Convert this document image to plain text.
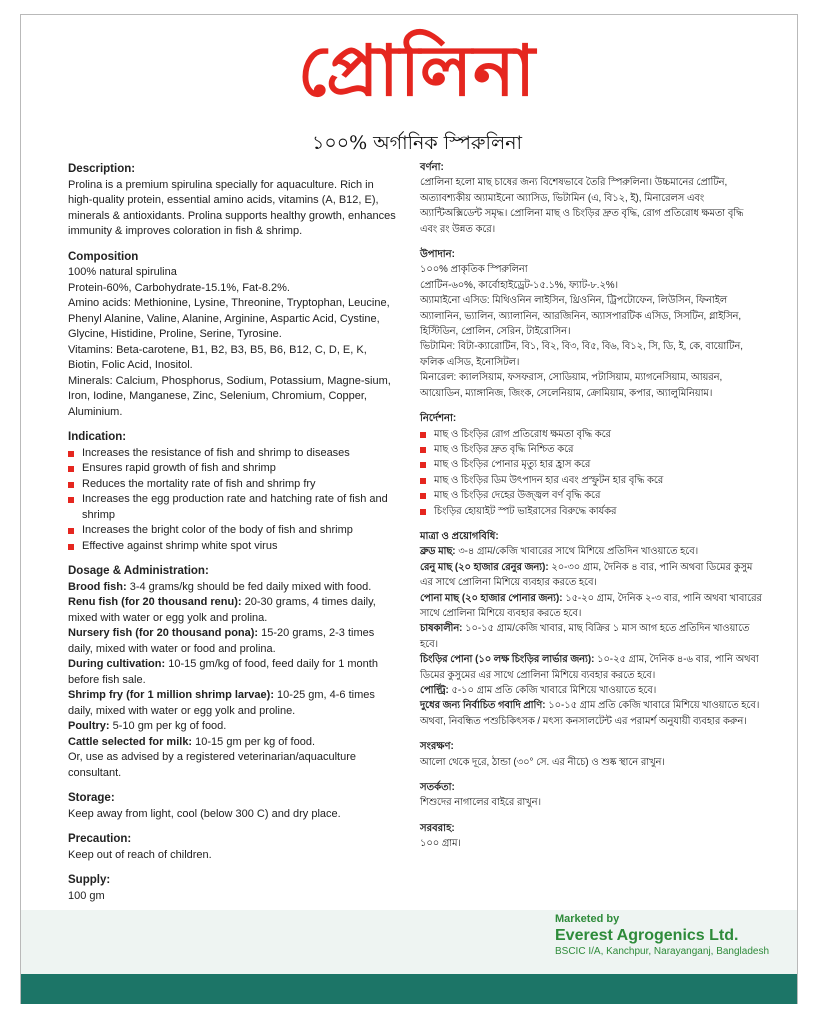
প্রোলিনা
১০০% অর্গানিক স্পিরুলিনা

Description:

Prolina is a premium spirulina specially for aquaculture. Rich in high-quality protein, essential amino acids, vitamins (A, B12, E), minerals & antioxidants. Prolina supports healthy growth, enhances immunity & improves coloration in fish & shrimp.

Composition

100% natural spirulina

Protein-60%, Carbohydrate-15.1%, Fat-8.2%.

Amino acids: Methionine, Lysine, Threonine, Tryptophan, Leucine, Phenyl Alanine, Valine, Alanine, Arginine, Aspartic Acid, Cystine, Glycine, Histidine, Proline, Serine, Tyrosine.

Vitamins: Beta-carotene, B1, B2, B3, B5, B6, B12, C, D, E, K, Biotin, Folic Acid, Inositol.

Minerals: Calcium, Phosphorus, Sodium, Potassium, Magne-sium, Iron, Iodine, Manganese, Zinc, Selenium, Chromium, Copper, Aluminium.

Indication:

Increases the resistance of fish and shrimp to diseases
Ensures rapid growth of fish and shrimp
Reduces the mortality rate of fish and shrimp fry
Increases the egg production rate and hatching rate of fish and shrimp
Increases the bright color of the body of fish and shrimp
Effective against shrimp white spot virus

Dosage & Administration:

Brood fish: 3-4 grams/kg should be fed daily mixed with food.

Renu fish (for 20 thousand renu): 20-30 grams, 4 times daily, mixed with water or egg yolk and prolina.

Nursery fish (for 20 thousand pona): 15-20 grams, 2-3 times daily, mixed with water or food and prolina.

During cultivation: 10-15 gm/kg of food, feed daily for 1 month before fish sale.

Shrimp fry (for 1 million shrimp larvae): 10-25 gm, 4-6 times daily, mixed with water or egg yolk and proline.

Poultry: 5-10 gm per kg of food.

Cattle selected for milk: 10-15 gm per kg of food.

Or, use as advised by a registered veterinarian/aquaculture consultant.

Storage:

Keep away from light, cool (below 300 C) and dry place.

Precaution:

Keep out of reach of children.

Supply:

100 gm

বর্ণনা:

প্রোলিনা হলো মাছ চাষের জন্য বিশেষভাবে তৈরি স্পিরুলিনা। উচ্চমানের প্রোটিন, অত্যাবশ্যকীয় অ্যামাইনো অ্যাসিড, ভিটামিন (এ, বি১২, ই), মিনারেলস এবং অ্যান্টিঅক্সিডেন্ট সমৃদ্ধ। প্রোলিনা মাছ ও চিংড়ির দ্রুত বৃদ্ধি, রোগ প্রতিরোধ ক্ষমতা বৃদ্ধি এবং রং উন্নত করে।

উপাদান:

১০০% প্রাকৃতিক স্পিরুলিনা

প্রোটিন-৬০%, কার্বোহাইড্রেট-১৫.১%, ফ্যাট-৮.২%।

অ্যামাইনো এসিড: মিথিওনিন লাইসিন, থ্রিওনিন, ট্রিপটোফেন, লিউসিন, ফিনাইল অ্যালানিন, ভ্যালিন, অ্যালানিন, আরজিনিন, অ্যাসপারটিক এসিড, সিসটিন, গ্লাইসিন, হিস্টিডিন, প্রোলিন, সেরিন, টাইরোসিন।

ভিটামিন: বিটা-ক্যারোটিন, বি১, বি২, বি৩, বি৫, বি৬, বি১২, সি, ডি, ই, কে, বায়োটিন, ফলিক এসিড, ইনোসিটল।

মিনারেল: ক্যালসিয়াম, ফসফরাস, সোডিয়াম, পটাসিয়াম, ম্যাগনেসিয়াম, আয়রন, আয়োডিন, ম্যাঙ্গানিজ, জিংক, সেলেনিয়াম, ক্রোমিয়াম, কপার, অ্যালুমিনিয়াম।

নির্দেশনা:

মাছ ও চিংড়ির রোগ প্রতিরোধ ক্ষমতা বৃদ্ধি করে
মাছ ও চিংড়ির দ্রুত বৃদ্ধি নিশ্চিত করে
মাছ ও চিংড়ির পোনার মৃত্যু হার হ্রাস করে
মাছ ও চিংড়ির ডিম উৎপাদন হার এবং প্রস্ফুটন হার বৃদ্ধি করে
মাছ ও চিংড়ির দেহের উজ্জ্বল বর্ণ বৃদ্ধি করে
চিংড়ির হোয়াইট স্পট ভাইরাসের বিরুদ্ধে কার্যকর

মাত্রা ও প্রয়োগবিধি:

ব্রুড মাছ: ৩-৪ গ্রাম/কেজি খাবারের সাথে মিশিয়ে প্রতিদিন খাওয়াতে হবে।

রেনু মাছ (২০ হাজার রেনুর জন্য): ২০-৩০ গ্রাম, দৈনিক ৪ বার, পানি অথবা ডিমের কুসুম এর সাথে প্রোলিনা মিশিয়ে ব্যবহার করতে হবে।

পোনা মাছ (২০ হাজার পোনার জন্য): ১৫-২০ গ্রাম, দৈনিক ২-৩ বার, পানি অথবা খাবারের সাথে প্রোলিনা মিশিয়ে ব্যবহার করতে হবে।

চাষকালীন: ১০-১৫ গ্রাম/কেজি খাবার, মাছ বিক্রির ১ মাস আগ হতে প্রতিদিন খাওয়াতে হবে।

চিংড়ির পোনা (১০ লক্ষ চিংড়ির লার্ভার জন্য): ১০-২৫ গ্রাম, দৈনিক ৪-৬ বার, পানি অথবা ডিমের কুসুমের এর সাথে প্রোলিনা মিশিয়ে ব্যবহার করতে হবে।

পোল্ট্রি: ৫-১০ গ্রাম প্রতি কেজি খাবারে মিশিয়ে খাওয়াতে হবে।

দুধের জন্য নির্বাচিত গবাদি প্রাণি: ১০-১৫ গ্রাম প্রতি কেজি খাবারে মিশিয়ে খাওয়াতে হবে।

অথবা, নিবন্ধিত পশুচিকিৎসক / মৎস্য কনসালটেন্ট এর পরামর্শ অনুযায়ী ব্যবহার করুন।

সংরক্ষণ:

আলো থেকে দূরে, ঠান্ডা (৩০° সে. এর নীচে) ও শুষ্ক স্থানে রাখুন।

সতর্কতা:

শিশুদের নাগালের বাইরে রাখুন।

সরবরাহ:

১০০ গ্রাম।

Marketed by
Everest Agrogenics Ltd.
BSCIC I/A, Kanchpur, Narayanganj, Bangladesh
